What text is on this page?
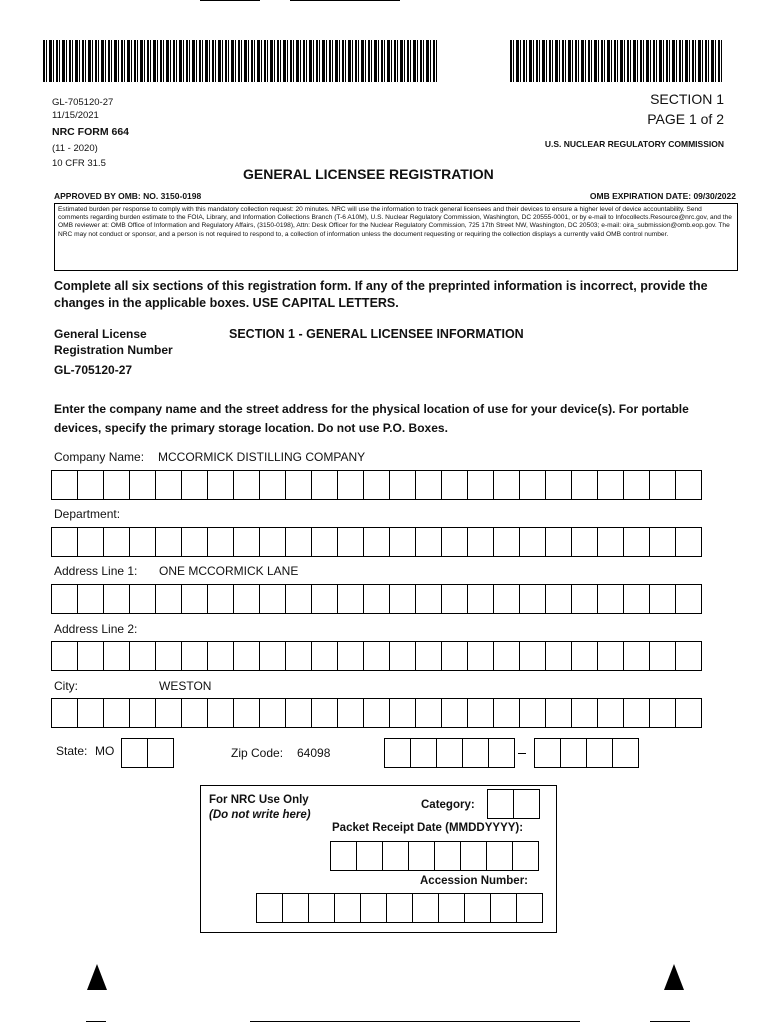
GL-705120-27
11/15/2021
NRC FORM 664
(11 - 2020)
10 CFR 31.5
SECTION 1
PAGE 1 of 2
U.S. NUCLEAR REGULATORY COMMISSION
GENERAL LICENSEE REGISTRATION
APPROVED BY OMB: NO. 3150-0198	OMB EXPIRATION DATE: 09/30/2022
Estimated burden per response to comply with this mandatory collection request: 20 minutes. NRC will use the information to track general licensees and their devices to ensure a higher level of device accountability. Send comments regarding burden estimate to the FOIA, Library, and Information Collections Branch (T-6 A10M), U.S. Nuclear Regulatory Commission, Washington, DC 20555-0001, or by e-mail to Infocollects.Resource@nrc.gov, and the OMB reviewer at: OMB Office of Information and Regulatory Affairs, (3150-0198), Attn: Desk Officer for the Nuclear Regulatory Commission, 725 17th Street NW, Washington, DC 20503; e-mail: oira_submission@omb.eop.gov. The NRC may not conduct or sponsor, and a person is not required to respond to, a collection of information unless the document requesting or requiring the collection displays a currently valid OMB control number.
Complete all six sections of this registration form. If any of the preprinted information is incorrect, provide the changes in the applicable boxes. USE CAPITAL LETTERS.
General License
Registration Number
GL-705120-27
SECTION 1 - GENERAL LICENSEE INFORMATION
Enter the company name and the street address for the physical location of use for your device(s). For portable devices, specify the primary storage location. Do not use P.O. Boxes.
Company Name: MCCORMICK DISTILLING COMPANY
Department:
Address Line 1: ONE MCCORMICK LANE
Address Line 2:
City:	WESTON
State: MO	Zip Code: 64098
For NRC Use Only
(Do not write here)
Category:
Packet Receipt Date (MMDDYYYY):
Accession Number:
